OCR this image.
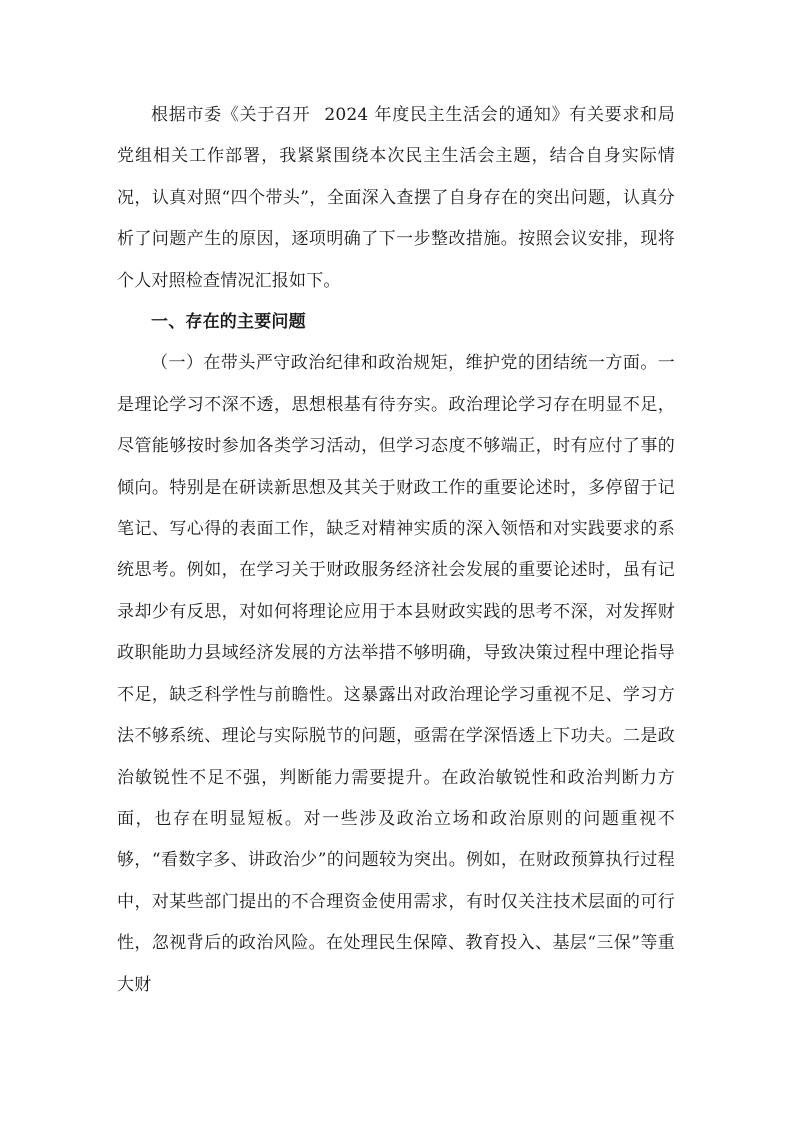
根据市委《关于召开 2024 年度民主生活会的通知》有关要求和局党组相关工作部署，我紧紧围绕本次民主生活会主题，结合自身实际情况，认真对照“四个带头”，全面深入查摆了自身存在的突出问题，认真分析了问题产生的原因，逐项明确了下一步整改措施。按照会议安排，现将个人对照检查情况汇报如下。

一、存在的主要问题

（一）在带头严守政治纪律和政治规矩，维护党的团结统一方面。一是理论学习不深不透，思想根基有待夯实。政治理论学习存在明显不足，尽管能够按时参加各类学习活动，但学习态度不够端正，时有应付了事的倾向。特别是在研读新思想及其关于财政工作的重要论述时，多停留于记笔记、写心得的表面工作，缺乏对精神实质的深入领悟和对实践要求的系统思考。例如，在学习关于财政服务经济社会发展的重要论述时，虽有记录却少有反思，对如何将理论应用于本县财政实践的思考不深，对发挥财政职能助力县域经济发展的方法举措不够明确，导致决策过程中理论指导不足，缺乏科学性与前瞻性。这暴露出对政治理论学习重视不足、学习方法不够系统、理论与实际脱节的问题，亟需在学深悟透上下功夫。二是政治敏锐性不足不强，判断能力需要提升。在政治敏锐性和政治判断力方面，也存在明显短板。对一些涉及政治立场和政治原则的问题重视不够，“看数字多、讲政治少”的问题较为突出。例如，在财政预算执行过程中，对某些部门提出的不合理资金使用需求，有时仅关注技术层面的可行性，忽视背后的政治风险。在处理民生保障、教育投入、基层“三保”等重大财
